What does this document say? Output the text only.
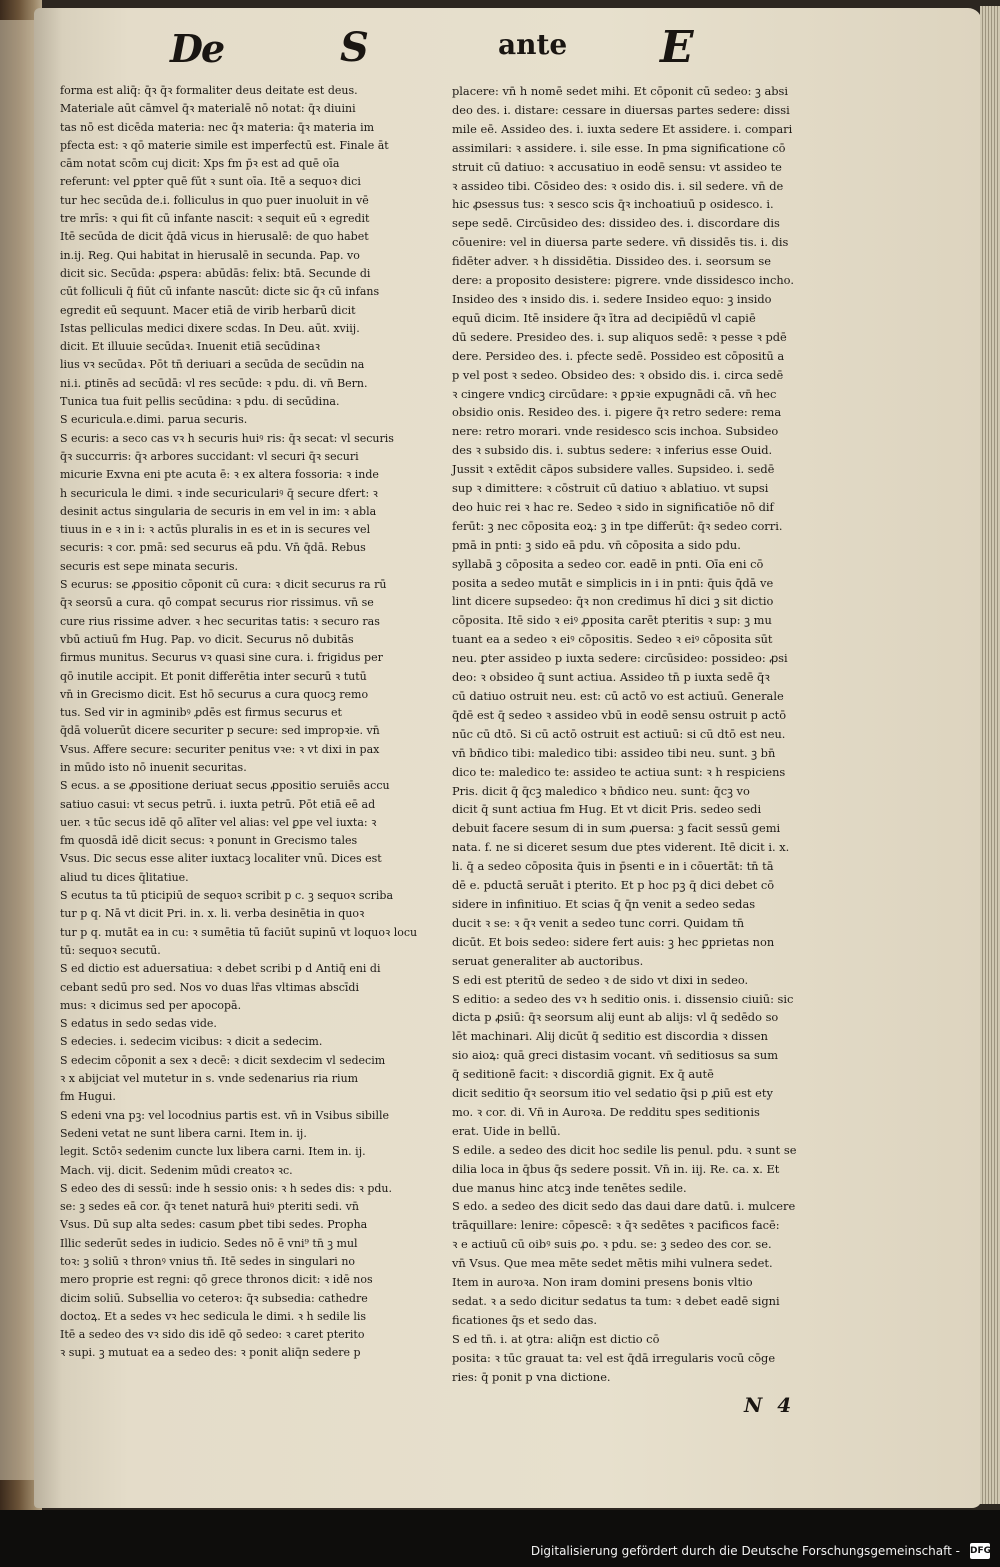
De	S	ante E
forma est aliq̄: q̄ꝛ q̄ꝛ formaliter deus deitate est deus.
Materiale aūt cāmvel q̄ꝛ materialē nō notat: q̄ꝛ diuini
tas nō est dicēda materia: nec q̄ꝛ materia: q̄ꝛ materia im
pfecta est: ꝛ qō materie simile est imperfectū est. Finale āt
cām notat scōm cuj dicit: Xps fm p̄ꝛ est ad quē oīa
referunt: vel ꝑpter quē fūt ꝛ sunt oīa. Itē a sequoꝛ dici
tur hec secūda de.i. folliculus in quo puer inuoluit in vē
tre mrīs: ꝛ qui fit cū infante nascit: ꝛ sequit eū ꝛ egredit
Itē secūda de dicit q̄dā vicus in hierusalē: de quo habet
in.ij. Reg. Qui habitat in hierusalē in secunda. Pap. vo
dicit sic. Secūda: ꝓspera: abūdās: felix: btā. Secunde di
cūt folliculi q̄ fiūt cū infante nascūt: dicte sic q̄ꝛ cū infans
egredit eū sequunt. Macer etiā de virib herbarū dicit
Istas pelliculas medici dixere scdas. In Deu. aūt. xviij.
dicit. Et illuuie secūdaꝛ. Inuenit etiā secūdinaꝛ
lius vꝛ secūdaꝛ. Pōt tn̄ deriuari a secūda de secūdin na
ni.i. ꝑtinēs ad secūdā: vl res secūde: ꝛ pdu. di. vn̄ Bern.
Tunica tua fuit pellis secūdina: ꝛ pdu. di secūdina.
S ecuricula.e.dimi. parua securis.
S ecuris: a seco cas vꝛ h securis huiꝰ ris: q̄ꝛ secat: vl securis
q̄ꝛ succurris: q̄ꝛ arbores succidant: vl securi q̄ꝛ securi
micurie Exvna eni pte acuta ē: ꝛ ex altera fossoria: ꝛ inde
h securicula le dimi. ꝛ inde securiculariꝰ q̄ secure dfert: ꝛ
desinit actus singularia de securis in em vel in im: ꝛ abla
tiuus in e ꝛ in i: ꝛ actūs pluralis in es et in is secures vel
securis: ꝛ cor. pmā: sed securus eā pdu. Vn̄ q̄dā. Rebus
securis est sepe minata securis.
S ecurus: se ꝓpositio cōponit cū cura: ꝛ dicit securus ra rū
q̄ꝛ seorsū a cura. qō compat securus rior rissimus. vn̄ se
cure rius rissime adver. ꝛ hec securitas tatis: ꝛ securo ras
vbū actiuū fm Hug. Pap. vo dicit. Securus nō dubitās
firmus munitus. Securus vꝛ quasi sine cura. i. frigidus per
qō inutile accipit. Et ponit differētia inter securū ꝛ tutū
vn̄ in Grecismo dicit. Est hō securus a cura quocꝫ remo
tus. Sed vir in agminibꝰ ꝓdēs est firmus securus et
q̄dā voluerūt dicere securiter p secure: sed impropꝛie. vn̄
Vsus. Affere secure: securiter penitus vꝛe: ꝛ vt dixi in pax
in mūdo isto nō inuenit securitas.
S ecus. a se ꝓpositione deriuat secus ꝓpositio seruiēs accu
satiuo casui: vt secus petrū. i. iuxta petrū. Pōt etiā eē ad
uer. ꝛ tūc secus idē qō alīter vel alias: vel ꝑpe vel iuxta: ꝛ
fm quosdā idē dicit secus: ꝛ ponunt in Grecismo tales
Vsus. Dic secus esse aliter iuxtacꝫ localiter vnū. Dices est
aliud tu dices q̄litatiue.
S ecutus ta tū pticipiū de sequoꝛ scribit p c. ꝫ sequoꝛ scriba
tur p q. Nā vt dicit Pri. in. x. li. verba desinētia in quoꝛ
tur p q. mutāt ea in cu: ꝛ sumētia tū faciūt supinū vt loquoꝛ locu
tū: sequoꝛ secutū.
S ed dictio est aduersatiua: ꝛ debet scribi p d Antiq̄ eni di
cebant sedū pro sed. Nos vo duas lr̄as vltimas abscīdi
mus: ꝛ dicimus sed per apocopā.
S edatus in sedo sedas vide.
S edecies. i. sedecim vicibus: ꝛ dicit a sedecim.
S edecim cōponit a sex ꝛ decē: ꝛ dicit sexdecim vl sedecim
ꝛ x abijciat vel mutetur in s. vnde sedenarius ria rium
fm Hugui.
S edeni vna pꝫ: vel locodnius partis est. vn̄ in Vsibus sibille
Sedeni vetat ne sunt libera carni. Item in. ij.
legit. Sctōꝛ sedenim cuncte lux libera carni. Item in. ij.
Mach. vij. dicit. Sedenim mūdi creatoꝛ ꝛc.
S edeo des di sessū: inde h sessio onis: ꝛ h sedes dis: ꝛ pdu.
se: ꝫ sedes eā cor. q̄ꝛ tenet naturā huiꝰ pteriti sedi. vn̄
Vsus. Dū sup alta sedes: casum ꝑbet tibi sedes. Propha
Illic sederūt sedes in iudicio. Sedes nō ē vni⁹ tn̄ ꝫ mul
toꝛ: ꝫ soliū ꝛ thronꝰ vnius tn̄. Itē sedes in singulari no
mero proprie est regni: qō grece thronos dicit: ꝛ idē nos
dicim soliū. Subsellia vo ceteroꝛ: q̄ꝛ subsedia: cathedre
doctoꝝ. Et a sedes vꝛ hec sedicula le dimi. ꝛ h sedile lis
Itē a sedeo des vꝛ sido dis idē qō sedeo: ꝛ caret pterito
ꝛ supi. ꝫ mutuat ea a sedeo des: ꝛ ponit aliq̄n sedere p
placere: vn̄ h nomē sedet mihi. Et cōponit cū sedeo: ꝫ absi
deo des. i. distare: cessare in diuersas partes sedere: dissi
mile eē. Assideo des. i. iuxta sedere Et assidere. i. compari
assimilari: ꝛ assidere. i. sile esse. In pma significatione cō
struit cū datiuo: ꝛ accusatiuo in eodē sensu: vt assideo te
ꝛ assideo tibi. Cōsideo des: ꝛ osido dis. i. sil sedere. vn̄ de
hic ꝓsessus tus: ꝛ sesco scis q̄ꝛ inchoatiuū p osidesco. i.
sepe sedē. Circūsideo des: dissideo des. i. discordare dis
cōuenire: vel in diuersa parte sedere. vn̄ dissidēs tis. i. dis
fidēter adver. ꝛ h dissidētia. Dissideo des. i. seorsum se
dere: a proposito desistere: pigrere. vnde dissidesco incho.
Insideo des ꝛ insido dis. i. sedere Insideo equo: ꝫ insido
equū dicim. Itē insidere q̄ꝛ ītra ad decipiēdū vl capiē
dū sedere. Presideo des. i. sup aliquos sedē: ꝛ pesse ꝛ pdē
dere. Persideo des. i. pfecte sedē. Possideo est cōpositū a
p vel post ꝛ sedeo. Obsideo des: ꝛ obsido dis. i. circa sedē
ꝛ cingere vndicꝫ circūdare: ꝛ ꝑpꝛie expugnādi cā. vn̄ hec
obsidio onis. Resideo des. i. pigere q̄ꝛ retro sedere: rema
nere: retro morari. vnde residesco scis inchoa. Subsideo
des ꝛ subsido dis. i. subtus sedere: ꝛ inferius esse Ouid.
Jussit ꝛ extēdit cāpos subsidere valles. Supsideo. i. sedē
sup ꝛ dimittere: ꝛ cōstruit cū datiuo ꝛ ablatiuo. vt supsi
deo huic rei ꝛ hac re. Sedeo ꝛ sido in significatiōe nō dif
ferūt: ꝫ nec cōposita eoꝝ: ꝫ in tpe differūt: q̄ꝛ sedeo corri.
pmā in pnti: ꝫ sido eā pdu. vn̄ cōposita a sido pdu.
syllabā ꝫ cōposita a sedeo cor. eadē in pnti. Oīa eni cō
posita a sedeo mutāt e simplicis in i in pnti: q̄uis q̄dā ve
lint dicere supsedeo: q̄ꝛ non credimus hī dici ꝫ sit dictio
cōposita. Itē sido ꝛ eiꝰ ꝓposita carēt pteritis ꝛ sup: ꝫ mu
tuant ea a sedeo ꝛ eiꝰ cōpositis. Sedeo ꝛ eiꝰ cōposita sūt
neu. ꝑter assideo p iuxta sedere: circūsideo: possideo: ꝓsi
deo: ꝛ obsideo q̄ sunt actiua. Assideo tn̄ p iuxta sedē q̄ꝛ
cū datiuo ostruit neu. est: cū actō vo est actiuū. Generale
q̄dē est q̄ sedeo ꝛ assideo vbū in eodē sensu ostruit p actō
nūc cū dtō. Si cū actō ostruit est actiuū: si cū dtō est neu.
vn̄ bn̄dico tibi: maledico tibi: assideo tibi neu. sunt. ꝫ bn̄
dico te: maledico te: assideo te actiua sunt: ꝛ h respiciens
Pris. dicit q̄ q̄cꝫ maledico ꝛ bn̄dico neu. sunt: q̄cꝫ vo
dicit q̄ sunt actiua fm Hug. Et vt dicit Pris. sedeo sedi
debuit facere sesum di in sum ꝓuersa: ꝫ facit sessū gemi
nata. f. ne si diceret sesum due ptes viderent. Itē dicit i. x.
li. q̄ a sedeo cōposita q̄uis in p̄senti e in i cōuertāt: tn̄ tā
dē e. pductā seruāt i pterito. Et p hoc pꝫ q̄ dici debet cō
sidere in infinitiuo. Et scias q̄ q̄n venit a sedeo sedas
ducit ꝛ se: ꝛ q̄ꝛ venit a sedeo tunc corri. Quidam tn̄
dicūt. Et bois sedeo: sidere fert auis: ꝫ hec ꝑprietas non
seruat generaliter ab auctoribus.
S edi est pteritū de sedeo ꝛ de sido vt dixi in sedeo.
S editio: a sedeo des vꝛ h seditio onis. i. dissensio ciuiū: sic
dicta p ꝓsiū: q̄ꝛ seorsum alij eunt ab alijs: vl q̄ sedēdo so
lēt machinari. Alij dicūt q̄ seditio est discordia ꝛ dissen
sio aioꝝ: quā greci distasim vocant. vn̄ seditiosus sa sum
q̄ seditionē facit: ꝛ discordiā gignit. Ex q̄ autē
dicit seditio q̄ꝛ seorsum itio vel sedatio q̄si p ꝓiū est ety
mo. ꝛ cor. di. Vn̄ in Auroꝛa. De redditu spes seditionis
erat. Uide in bellū.
S edile. a sedeo des dicit hoc sedile lis penul. pdu. ꝛ sunt se
dilia loca in q̄bus q̄s sedere possit. Vn̄ in. iij. Re. ca. x. Et
due manus hinc atcꝫ inde tenētes sedile.
S edo. a sedeo des dicit sedo das daui dare datū. i. mulcere
trāquillare: lenire: cōpescē: ꝛ q̄ꝛ sedētes ꝛ pacificos facē:
ꝛ e actiuū cū oibꝰ suis ꝓo. ꝛ pdu. se: ꝫ sedeo des cor. se.
vn̄ Vsus. Que mea mēte sedet mētis mihi vulnera sedet.
Item in auroꝛa. Non iram domini presens bonis vltio
sedat. ꝛ a sedo dicitur sedatus ta tum: ꝛ debet eadē signi
ficationes q̄s et sedo das.
S ed tn̄. i. at ꝯtra: aliq̄n est dictio cō
posita: ꝛ tūc grauat ta: vel est q̄dā irregularis vocū cōge
ries: q̄ ponit p vna dictione.
N 4
Digitalisierung gefördert durch die Deutsche Forschungsgemeinschaft - DFG
